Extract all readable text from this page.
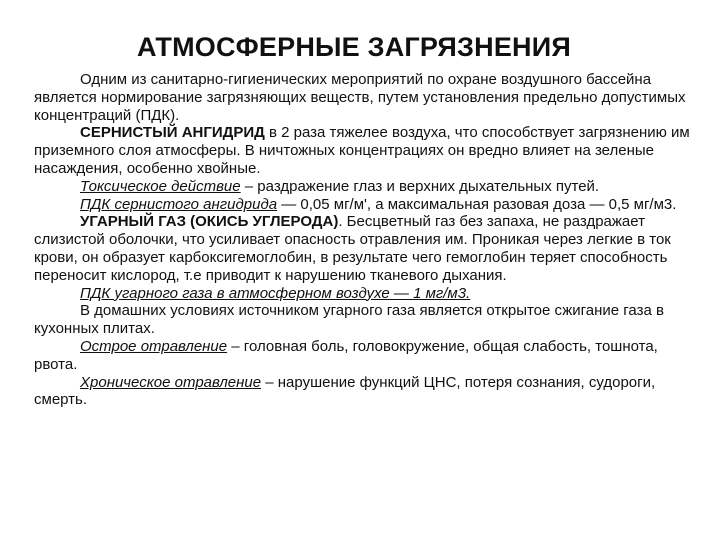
АТМОСФЕРНЫЕ ЗАГРЯЗНЕНИЯ

Одним из санитарно-гигиенических мероприятий по охране воздушного бассейна является нормирование загрязняющих веществ, путем установления предельно допустимых концентраций (ПДК).

СЕРНИСТЫЙ АНГИДРИД в 2 раза тяжелее воздуха, что способствует загрязнению им приземного слоя атмосферы. В ничтожных концентрациях он вредно влияет на зеленые насаждения, особенно хвойные.

Токсическое действие – раздражение глаз и верхних дыхательных путей.

ПДК сернистого ангидрида — 0,05 мг/м', а максимальная разовая доза — 0,5 мг/м3.

УГАРНЫЙ ГАЗ (ОКИСЬ УГЛЕРОДА). Бесцветный газ без запаха, не раздражает слизистой оболочки, что усиливает опасность отравления им. Проникая через легкие в ток крови, он образует карбоксигемоглобин, в результате чего гемоглобин теряет способность переносит кислород, т.е приводит к нарушению тканевого дыхания.

ПДК угарного газа в атмосферном воздухе — 1 мг/м3.

В домашних условиях источником угарного газа является открытое сжигание газа в кухонных плитах.

Острое отравление – головная боль, головокружение, общая слабость, тошнота, рвота.

Хроническое отравление – нарушение функций ЦНС, потеря сознания, судороги, смерть.
